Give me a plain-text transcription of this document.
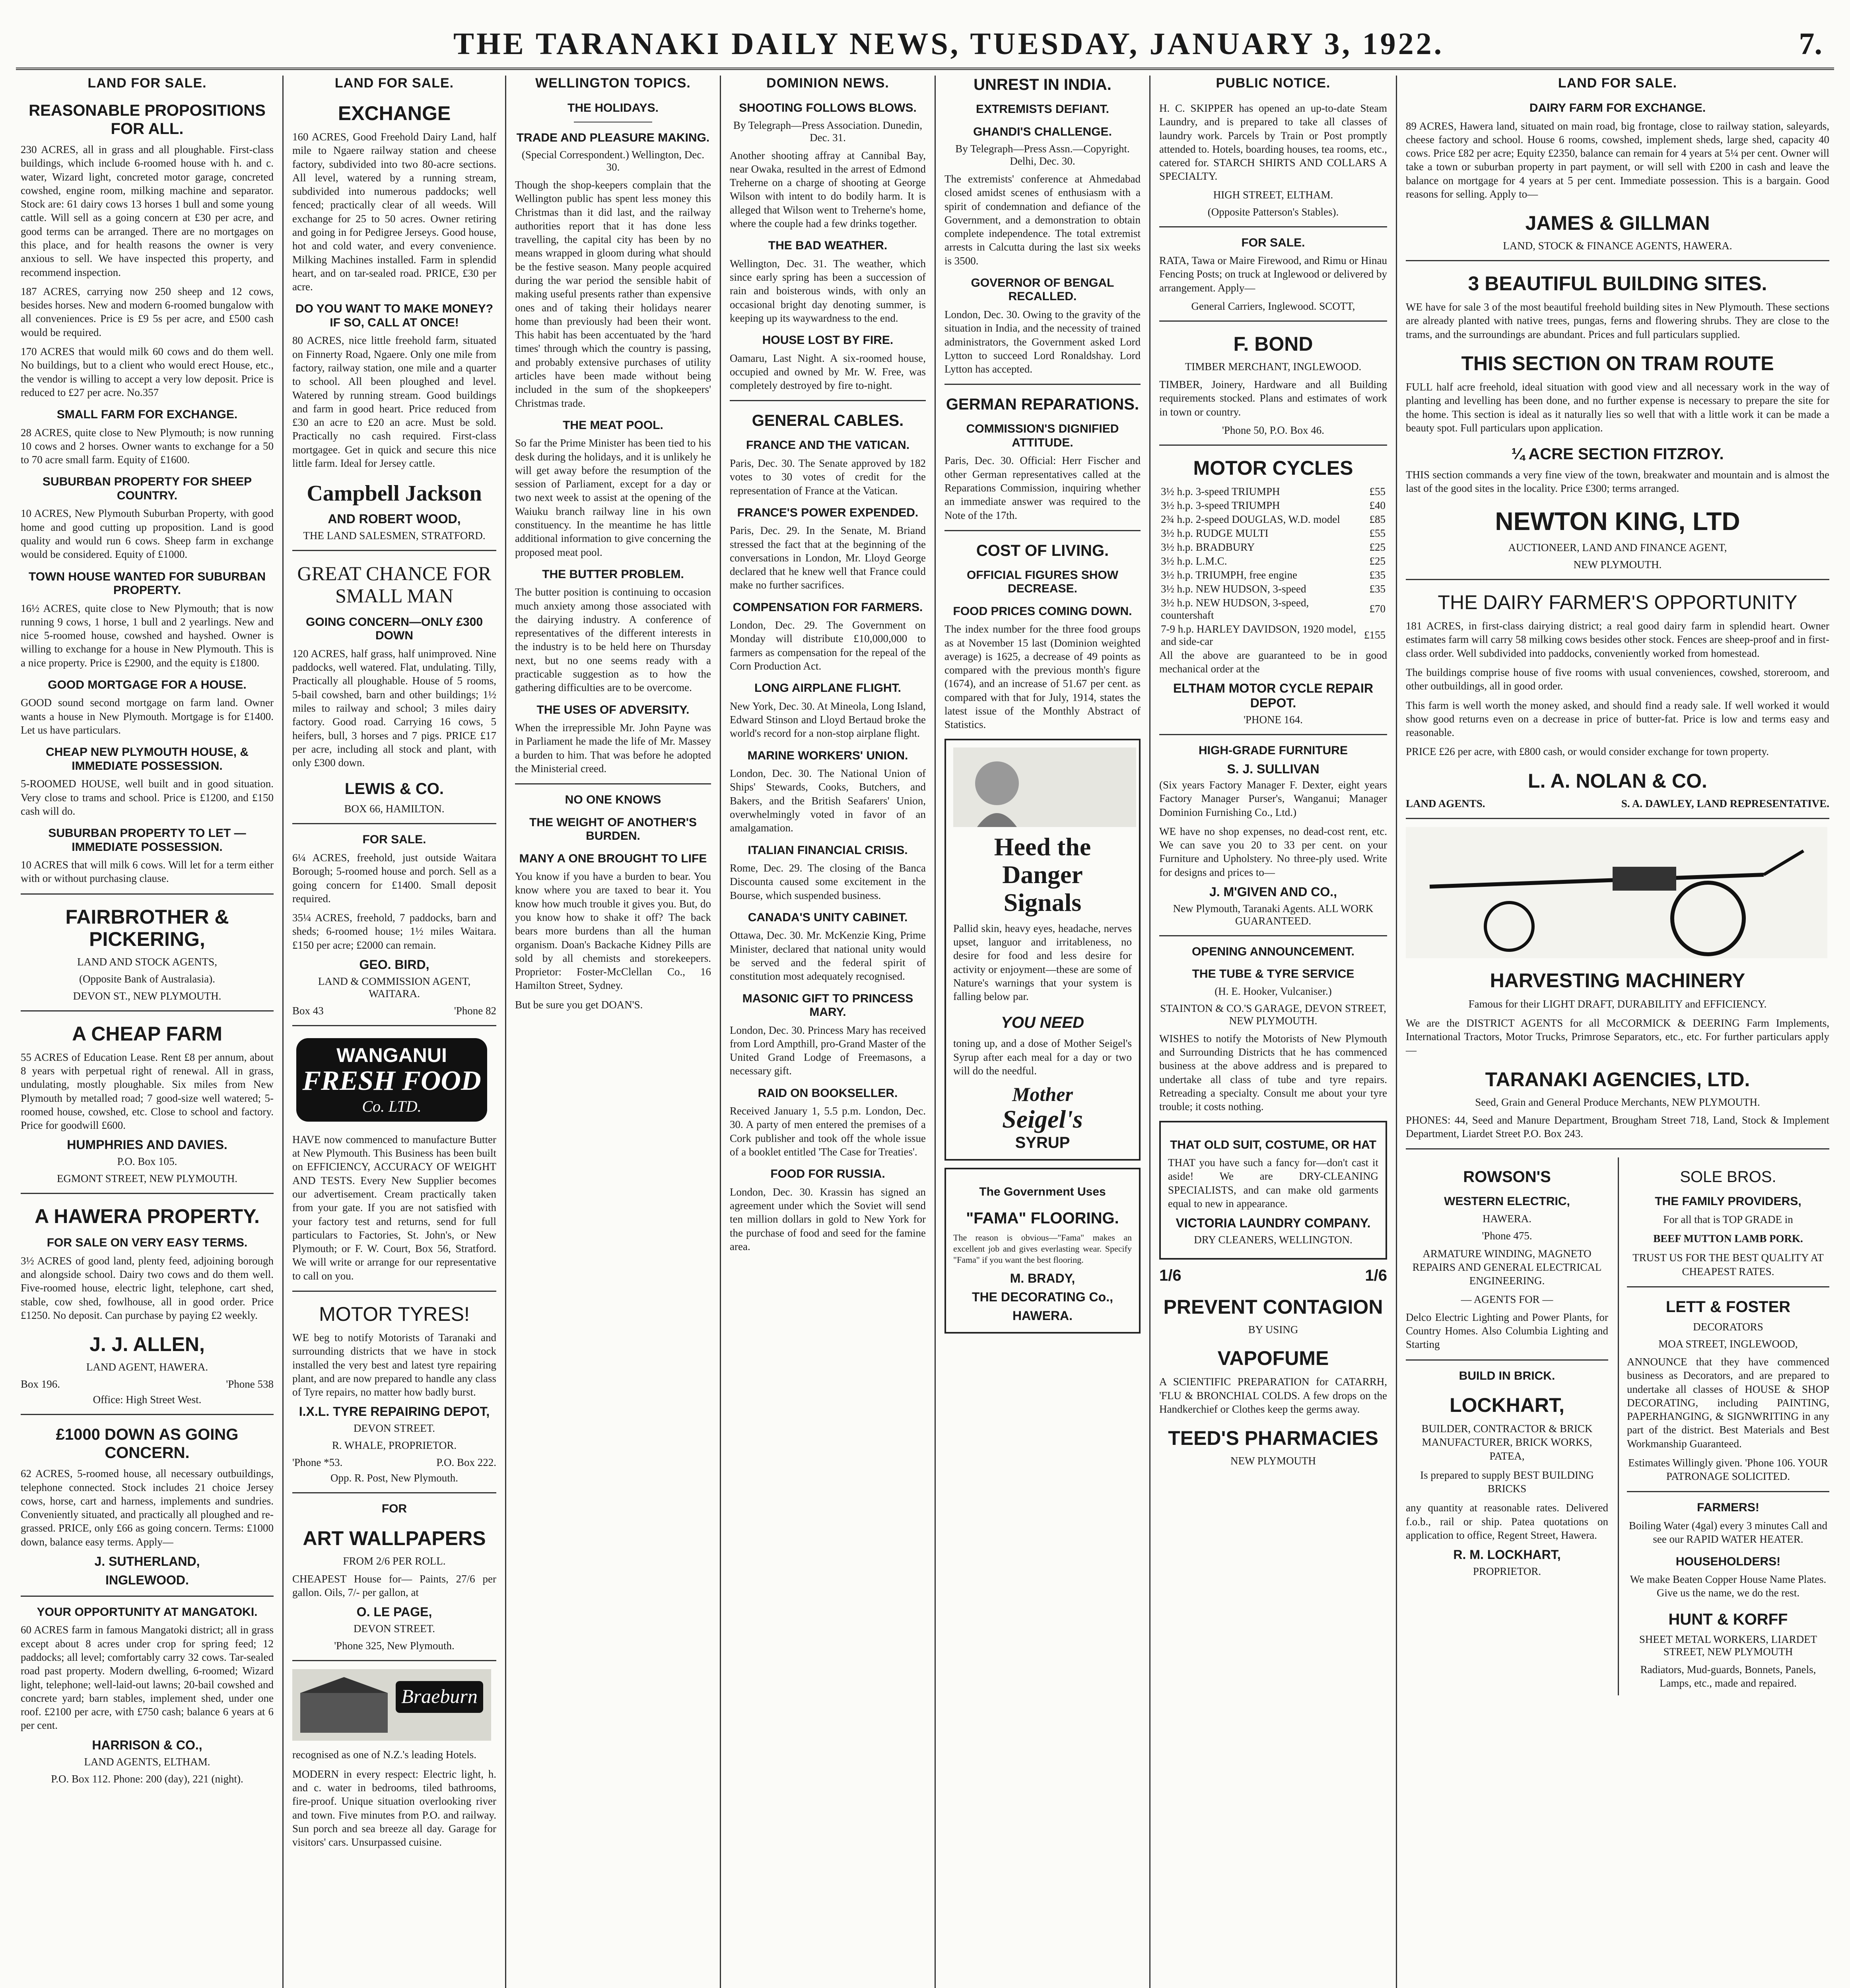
THE TARANAKI DAILY NEWS, TUESDAY, JANUARY 3, 1922.	7.
LAND FOR SALE.
REASONABLE PROPOSITIONS FOR ALL.

230 ACRES, all in grass and all ploughable. First-class buildings, which include 6-roomed house with h. and c. water, Wizard light, concreted motor garage, concreted cowshed, engine room, milking machine and separator. Stock are: 61 dairy cows 13 horses 1 bull and some young cattle. Will sell as a going concern at £30 per acre, and good terms can be arranged. There are no mortgages on this place, and for health reasons the owner is very anxious to sell. We have inspected this property, and recommend inspection.

187 ACRES, carrying now 250 sheep and 12 cows, besides horses. New and modern 6-roomed bungalow with all conveniences. Price is £9 5s per acre, and £500 cash would be required.

170 ACRES that would milk 60 cows and do them well. No buildings, but to a client who would erect House, etc., the vendor is willing to accept a very low deposit. Price is reduced to £27 per acre. No.357

SMALL FARM FOR EXCHANGE.

28 ACRES, quite close to New Plymouth; is now running 10 cows and 2 horses. Owner wants to exchange for a 50 to 70 acre small farm. Equity of £1600.

SUBURBAN PROPERTY FOR SHEEP COUNTRY.

10 ACRES, New Plymouth Suburban Property, with good home and good cutting up proposition. Land is good quality and would run 6 cows. Sheep farm in exchange would be considered. Equity of £1000.

TOWN HOUSE WANTED FOR SUBURBAN PROPERTY.

16½ ACRES, quite close to New Plymouth; that is now running 9 cows, 1 horse, 1 bull and 2 yearlings. New and nice 5-roomed house, cowshed and hayshed. Owner is willing to exchange for a house in New Plymouth. This is a nice property. Price is £2900, and the equity is £1800.

GOOD MORTGAGE FOR A HOUSE.

GOOD sound second mortgage on farm land. Owner wants a house in New Plymouth. Mortgage is for £1400. Let us have particulars.

CHEAP NEW PLYMOUTH HOUSE, & IMMEDIATE POSSESSION.

5-ROOMED HOUSE, well built and in good situation. Very close to trams and school. Price is £1200, and £150 cash will do.

SUBURBAN PROPERTY TO LET — IMMEDIATE POSSESSION.

10 ACRES that will milk 6 cows. Will let for a term either with or without purchasing clause.

FAIRBROTHER & PICKERING,
LAND AND STOCK AGENTS,
(Opposite Bank of Australasia).
DEVON ST., NEW PLYMOUTH.
A CHEAP FARM

55 ACRES of Education Lease. Rent £8 per annum, about 8 years with perpetual right of renewal. All in grass, undulating, mostly ploughable. Six miles from New Plymouth by metalled road; 7 good-size well watered; 5-roomed house, cowshed, etc. Close to school and factory. Price for goodwill £600.

HUMPHRIES AND DAVIES.
P.O. Box 105.
EGMONT STREET, NEW PLYMOUTH.
A HAWERA PROPERTY.
FOR SALE ON VERY EASY TERMS.

3½ ACRES of good land, plenty feed, adjoining borough and alongside school. Dairy two cows and do them well. Five-roomed house, electric light, telephone, cart shed, stable, cow shed, fowlhouse, all in good order. Price £1250. No deposit. Can purchase by paying £2 weekly.

J. J. ALLEN,
LAND AGENT, HAWERA.
Box 196.	'Phone 538
Office: High Street West.
£1000 DOWN AS GOING CONCERN.

62 ACRES, 5-roomed house, all necessary outbuildings, telephone connected. Stock includes 21 choice Jersey cows, horse, cart and harness, implements and sundries. Conveniently situated, and practically all ploughed and re-grassed. PRICE, only £66 as going concern. Terms: £1000 down, balance easy terms. Apply—

J. SUTHERLAND,
INGLEWOOD.
YOUR OPPORTUNITY AT MANGATOKI.

60 ACRES farm in famous Mangatoki district; all in grass except about 8 acres under crop for spring feed; 12 paddocks; all level; comfortably carry 32 cows. Tar-sealed road past property. Modern dwelling, 6-roomed; Wizard light, telephone; well-laid-out lawns; 20-bail cowshed and concrete yard; barn stables, implement shed, under one roof. £2100 per acre, with £750 cash; balance 6 years at 6 per cent.

HARRISON & CO.,
LAND AGENTS, ELTHAM.
P.O. Box 112. Phone: 200 (day), 221 (night).
LAND FOR SALE.
EXCHANGE

160 ACRES, Good Freehold Dairy Land, half mile to Ngaere railway station and cheese factory, subdivided into two 80-acre sections. All level, watered by a running stream, subdivided into numerous paddocks; well fenced; practically clear of all weeds. Will exchange for 25 to 50 acres. Owner retiring and going in for Pedigree Jerseys. Good house, hot and cold water, and every convenience. Milking Machines installed. Farm in splendid heart, and on tar-sealed road. PRICE, £30 per acre.

DO YOU WANT TO MAKE MONEY? IF SO, CALL AT ONCE!

80 ACRES, nice little freehold farm, situated on Finnerty Road, Ngaere. Only one mile from factory, railway station, one mile and a quarter to school. All been ploughed and level. Watered by running stream. Good buildings and farm in good heart. Price reduced from £30 an acre to £20 an acre. Must be sold. Practically no cash required. First-class mortgagee. Get in quick and secure this nice little farm. Ideal for Jersey cattle.

Campbell Jackson
AND ROBERT WOOD,
THE LAND SALESMEN, STRATFORD.
GREAT CHANCE FOR SMALL MAN
GOING CONCERN—ONLY £300 DOWN

120 ACRES, half grass, half unimproved. Nine paddocks, well watered. Flat, undulating. Tilly, Practically all ploughable. House of 5 rooms, 5-bail cowshed, barn and other buildings; 1½ miles to railway and school; 3 miles dairy factory. Good road. Carrying 16 cows, 5 heifers, bull, 3 horses and 7 pigs. PRICE £17 per acre, including all stock and plant, with only £300 down.

LEWIS & CO.
BOX 66, HAMILTON.
FOR SALE.

6¼ ACRES, freehold, just outside Waitara Borough; 5-roomed house and porch. Sell as a going concern for £1400. Small deposit required.

35¼ ACRES, freehold, 7 paddocks, barn and sheds; 6-roomed house; 1½ miles Waitara. £150 per acre; £2000 can remain.

GEO. BIRD,
LAND & COMMISSION AGENT, WAITARA.
Box 43	'Phone 82
WANGANUI
FRESH FOOD
Co. LTD.

HAVE now commenced to manufacture Butter at New Plymouth. This Business has been built on EFFICIENCY, ACCURACY OF WEIGHT AND TESTS. Every New Supplier becomes our advertisement. Cream practically taken from your gate. If you are not satisfied with your factory test and returns, send for full particulars to Factories, St. John's, or New Plymouth; or F. W. Court, Box 56, Stratford. We will write or arrange for our representative to call on you.

MOTOR TYRES!

WE beg to notify Motorists of Taranaki and surrounding districts that we have in stock installed the very best and latest tyre repairing plant, and are now prepared to handle any class of Tyre repairs, no matter how badly burst.

I.X.L. TYRE REPAIRING DEPOT,
DEVON STREET.
R. WHALE, PROPRIETOR.
'Phone *53.	P.O. Box 222.
Opp. R. Post, New Plymouth.
FOR
ART WALLPAPERS
FROM 2/6 PER ROLL.

CHEAPEST House for— Paints, 27/6 per gallon. Oils, 7/- per gallon, at

O. LE PAGE,
DEVON STREET.
'Phone 325, New Plymouth.
Braeburn

recognised as one of N.Z.'s leading Hotels.

MODERN in every respect: Electric light, h. and c. water in bedrooms, tiled bathrooms, fire-proof. Unique situation overlooking river and town. Five minutes from P.O. and railway. Sun porch and sea breeze all day. Garage for visitors' cars. Unsurpassed cuisine.

WELLINGTON TOPICS.
THE HOLIDAYS.
TRADE AND PLEASURE MAKING.
(Special Correspondent.) Wellington, Dec. 30.

Though the shop-keepers complain that the Wellington public has spent less money this Christmas than it did last, and the railway authorities report that it has done less travelling, the capital city has been by no means wrapped in gloom during what should be the festive season. Many people acquired during the war period the sensible habit of making useful presents rather than expensive ones and of taking their holidays nearer home than previously had been their wont. This habit has been accentuated by the 'hard times' through which the country is passing, and probably extensive purchases of utility articles have been made without being included in the sum of the shopkeepers' Christmas trade.

THE MEAT POOL.

So far the Prime Minister has been tied to his desk during the holidays, and it is unlikely he will get away before the resumption of the session of Parliament, except for a day or two next week to assist at the opening of the Waiuku branch railway line in his own constituency. In the meantime he has little additional information to give concerning the proposed meat pool.

THE BUTTER PROBLEM.

The butter position is continuing to occasion much anxiety among those associated with the dairying industry. A conference of representatives of the different interests in the industry is to be held here on Thursday next, but no one seems ready with a practicable suggestion as to how the gathering difficulties are to be overcome.

THE USES OF ADVERSITY.

When the irrepressible Mr. John Payne was in Parliament he made the life of Mr. Massey a burden to him. That was before he adopted the Ministerial creed.

NO ONE KNOWS
THE WEIGHT OF ANOTHER'S BURDEN.
MANY A ONE BROUGHT TO LIFE

You know if you have a burden to bear. You know where you are taxed to bear it. You know how much trouble it gives you. But, do you know how to shake it off? The back bears more burdens than all the human organism. Doan's Backache Kidney Pills are sold by all chemists and storekeepers. Proprietor: Foster-McClellan Co., 16 Hamilton Street, Sydney.

But be sure you get DOAN'S.

DOMINION NEWS.
SHOOTING FOLLOWS BLOWS.
By Telegraph—Press Association. Dunedin, Dec. 31.

Another shooting affray at Cannibal Bay, near Owaka, resulted in the arrest of Edmond Treherne on a charge of shooting at George Wilson with intent to do bodily harm. It is alleged that Wilson went to Treherne's home, where the couple had a few drinks together.

THE BAD WEATHER.

Wellington, Dec. 31. The weather, which since early spring has been a succession of rain and boisterous winds, with only an occasional bright day denoting summer, is keeping up its waywardness to the end.

HOUSE LOST BY FIRE.

Oamaru, Last Night. A six-roomed house, occupied and owned by Mr. W. Free, was completely destroyed by fire to-night.

GENERAL CABLES.
FRANCE AND THE VATICAN.

Paris, Dec. 30. The Senate approved by 182 votes to 30 votes of credit for the representation of France at the Vatican.

FRANCE'S POWER EXPENDED.

Paris, Dec. 29. In the Senate, M. Briand stressed the fact that at the beginning of the conversations in London, Mr. Lloyd George declared that he knew well that France could make no further sacrifices.

COMPENSATION FOR FARMERS.

London, Dec. 29. The Government on Monday will distribute £10,000,000 to farmers as compensation for the repeal of the Corn Production Act.

LONG AIRPLANE FLIGHT.

New York, Dec. 30. At Mineola, Long Island, Edward Stinson and Lloyd Bertaud broke the world's record for a non-stop airplane flight.

MARINE WORKERS' UNION.

London, Dec. 30. The National Union of Ships' Stewards, Cooks, Butchers, and Bakers, and the British Seafarers' Union, overwhelmingly voted in favor of an amalgamation.

ITALIAN FINANCIAL CRISIS.

Rome, Dec. 29. The closing of the Banca Discounta caused some excitement in the Bourse, which suspended business.

CANADA'S UNITY CABINET.

Ottawa, Dec. 30. Mr. McKenzie King, Prime Minister, declared that national unity would be served and the federal spirit of constitution most adequately recognised.

MASONIC GIFT TO PRINCESS MARY.

London, Dec. 30. Princess Mary has received from Lord Ampthill, pro-Grand Master of the United Grand Lodge of Freemasons, a necessary gift.

RAID ON BOOKSELLER.

Received January 1, 5.5 p.m. London, Dec. 30. A party of men entered the premises of a Cork publisher and took off the whole issue of a booklet entitled 'The Case for Treaties'.

FOOD FOR RUSSIA.

London, Dec. 30. Krassin has signed an agreement under which the Soviet will send ten million dollars in gold to New York for the purchase of food and seed for the famine area.

UNREST IN INDIA.
EXTREMISTS DEFIANT.
GHANDI'S CHALLENGE.
By Telegraph—Press Assn.—Copyright. Delhi, Dec. 30.

The extremists' conference at Ahmedabad closed amidst scenes of enthusiasm with a spirit of condemnation and defiance of the Government, and a demonstration to obtain complete independence. The total extremist arrests in Calcutta during the last six weeks is 3500.

GOVERNOR OF BENGAL RECALLED.

London, Dec. 30. Owing to the gravity of the situation in India, and the necessity of trained administrators, the Government asked Lord Lytton to succeed Lord Ronaldshay. Lord Lytton has accepted.

GERMAN REPARATIONS.
COMMISSION'S DIGNIFIED ATTITUDE.

Paris, Dec. 30. Official: Herr Fischer and other German representatives called at the Reparations Commission, inquiring whether an immediate answer was required to the Note of the 17th.

COST OF LIVING.
OFFICIAL FIGURES SHOW DECREASE.
FOOD PRICES COMING DOWN.

The index number for the three food groups as at November 15 last (Dominion weighted average) is 1625, a decrease of 49 points as compared with the previous month's figure (1674), and an increase of 51.67 per cent. as compared with that for July, 1914, states the latest issue of the Monthly Abstract of Statistics.

Heed the
Danger
Signals

Pallid skin, heavy eyes, headache, nerves upset, languor and irritableness, no desire for food and less desire for activity or enjoyment—these are some of Nature's warnings that your system is falling below par.

YOU NEED

toning up, and a dose of Mother Seigel's Syrup after each meal for a day or two will do the needful.

Mother
Seigel's
SYRUP
The Government Uses
"FAMA" FLOORING.

The reason is obvious—"Fama" makes an excellent job and gives everlasting wear. Specify "Fama" if you want the best flooring.

M. BRADY,
THE DECORATING Co.,
HAWERA.
PUBLIC NOTICE.

H. C. SKIPPER has opened an up-to-date Steam Laundry, and is prepared to take all classes of laundry work. Parcels by Train or Post promptly attended to. Hotels, boarding houses, tea rooms, etc., catered for. STARCH SHIRTS AND COLLARS A SPECIALTY.

HIGH STREET, ELTHAM.
(Opposite Patterson's Stables).
FOR SALE.

RATA, Tawa or Maire Firewood, and Rimu or Hinau Fencing Posts; on truck at Inglewood or delivered by arrangement. Apply—

General Carriers, Inglewood. SCOTT,
F. BOND
TIMBER MERCHANT, INGLEWOOD.

TIMBER, Joinery, Hardware and all Building requirements stocked. Plans and estimates of work in town or country.

'Phone 50, P.O. Box 46.
MOTOR CYCLES
3½ h.p. 3-speed TRIUMPH	£55
3½ h.p. 3-speed TRIUMPH	£40
2¾ h.p. 2-speed DOUGLAS, W.D. model	£85
3½ h.p. RUDGE MULTI	£55
3½ h.p. BRADBURY	£25
3½ h.p. L.M.C.	£25
3½ h.p. TRIUMPH, free engine	£35
3½ h.p. NEW HUDSON, 3-speed	£35
3½ h.p. NEW HUDSON, 3-speed, countershaft	£70
7-9 h.p. HARLEY DAVIDSON, 1920 model, and side-car	£155

All the above are guaranteed to be in good mechanical order at the

ELTHAM MOTOR CYCLE REPAIR DEPOT.
'PHONE 164.
HIGH-GRADE FURNITURE
S. J. SULLIVAN

(Six years Factory Manager F. Dexter, eight years Factory Manager Purser's, Wanganui; Manager Dominion Furnishing Co., Ltd.)

WE have no shop expenses, no dead-cost rent, etc. We can save you 20 to 33 per cent. on your Furniture and Upholstery. No three-ply used. Write for designs and prices to—

J. M'GIVEN AND CO.,
New Plymouth, Taranaki Agents. ALL WORK GUARANTEED.
OPENING ANNOUNCEMENT.
THE TUBE & TYRE SERVICE
(H. E. Hooker, Vulcaniser.)
STAINTON & CO.'S GARAGE, DEVON STREET, NEW PLYMOUTH.

WISHES to notify the Motorists of New Plymouth and Surrounding Districts that he has commenced business at the above address and is prepared to undertake all class of tube and tyre repairs. Retreading a specialty. Consult me about your tyre trouble; it costs nothing.

THAT OLD SUIT, COSTUME, OR HAT

THAT you have such a fancy for—don't cast it aside! We are DRY-CLEANING SPECIALISTS, and can make old garments equal to new in appearance.

VICTORIA LAUNDRY COMPANY.
DRY CLEANERS, WELLINGTON.
1/6	1/6
PREVENT CONTAGION
BY USING
VAPOFUME

A SCIENTIFIC PREPARATION for CATARRH, 'FLU & BRONCHIAL COLDS. A few drops on the Handkerchief or Clothes keep the germs away.

TEED'S PHARMACIES
NEW PLYMOUTH
LAND FOR SALE.
DAIRY FARM FOR EXCHANGE.

89 ACRES, Hawera land, situated on main road, big frontage, close to railway station, saleyards, cheese factory and school. House 6 rooms, cowshed, implement sheds, large shed, capacity 40 cows. Price £82 per acre; Equity £2350, balance can remain for 4 years at 5¼ per cent. Owner will take a town or suburban property in part payment, or will sell with £200 in cash and leave the balance on mortgage for 4 years at 5 per cent. Immediate possession. This is a bargain. Good reasons for selling. Apply to—

JAMES & GILLMAN
LAND, STOCK & FINANCE AGENTS, HAWERA.
3 BEAUTIFUL BUILDING SITES.

WE have for sale 3 of the most beautiful freehold building sites in New Plymouth. These sections are already planted with native trees, pungas, ferns and flowering shrubs. They are close to the trams, and the surroundings are abundant. Prices and full particulars supplied.

THIS SECTION ON TRAM ROUTE

FULL half acre freehold, ideal situation with good view and all necessary work in the way of planting and levelling has been done, and no further expense is necessary to prepare the site for the home. This section is ideal as it naturally lies so well that with a little work it can be made a beauty spot. Full particulars upon application.

¼ ACRE SECTION FITZROY.

THIS section commands a very fine view of the town, breakwater and mountain and is almost the last of the good sites in the locality. Price £300; terms arranged.

NEWTON KING, LTD
AUCTIONEER, LAND AND FINANCE AGENT,
NEW PLYMOUTH.
THE DAIRY FARMER'S OPPORTUNITY

181 ACRES, in first-class dairying district; a real good dairy farm in splendid heart. Owner estimates farm will carry 58 milking cows besides other stock. Fences are sheep-proof and in first-class order. Well subdivided into paddocks, conveniently worked from homestead.

The buildings comprise house of five rooms with usual conveniences, cowshed, storeroom, and other outbuildings, all in good order.

This farm is well worth the money asked, and should find a ready sale. If well worked it would show good returns even on a decrease in price of butter-fat. Price is low and terms easy and reasonable.

PRICE £26 per acre, with £800 cash, or would consider exchange for town property.

L. A. NOLAN & CO.
LAND AGENTS.	S. A. DAWLEY, LAND REPRESENTATIVE.
HARVESTING MACHINERY

Famous for their LIGHT DRAFT, DURABILITY and EFFICIENCY.

We are the DISTRICT AGENTS for all McCORMICK & DEERING Farm Implements, International Tractors, Motor Trucks, Primrose Separators, etc., etc. For further particulars apply—

TARANAKI AGENCIES, LTD.
Seed, Grain and General Produce Merchants, NEW PLYMOUTH.

PHONES: 44, Seed and Manure Department, Brougham Street 718, Land, Stock & Implement Department, Liardet Street P.O. Box 243.

ROWSON'S
WESTERN ELECTRIC,
HAWERA.
'Phone 475.

ARMATURE WINDING, MAGNETO REPAIRS AND GENERAL ELECTRICAL ENGINEERING.

— AGENTS FOR —

Delco Electric Lighting and Power Plants, for Country Homes. Also Columbia Lighting and Starting

BUILD IN BRICK.
LOCKHART,

BUILDER, CONTRACTOR & BRICK MANUFACTURER, BRICK WORKS, PATEA,

Is prepared to supply BEST BUILDING BRICKS

any quantity at reasonable rates. Delivered f.o.b., rail or ship. Patea quotations on application to office, Regent Street, Hawera.

R. M. LOCKHART,
PROPRIETOR.
SOLE BROS.
THE FAMILY PROVIDERS,

For all that is TOP GRADE in

BEEF MUTTON LAMB PORK.

TRUST US FOR THE BEST QUALITY AT CHEAPEST RATES.

LETT & FOSTER
DECORATORS
MOA STREET, INGLEWOOD,

ANNOUNCE that they have commenced business as Decorators, and are prepared to undertake all classes of HOUSE & SHOP DECORATING, including PAINTING, PAPERHANGING, & SIGNWRITING in any part of the district. Best Materials and Best Workmanship Guaranteed.

Estimates Willingly given. 'Phone 106. YOUR PATRONAGE SOLICITED.

FARMERS!

Boiling Water (4gal) every 3 minutes Call and see our RAPID WATER HEATER.

HOUSEHOLDERS!

We make Beaten Copper House Name Plates. Give us the name, we do the rest.

HUNT & KORFF
SHEET METAL WORKERS, LIARDET STREET, NEW PLYMOUTH

Radiators, Mud-guards, Bonnets, Panels, Lamps, etc., made and repaired.
